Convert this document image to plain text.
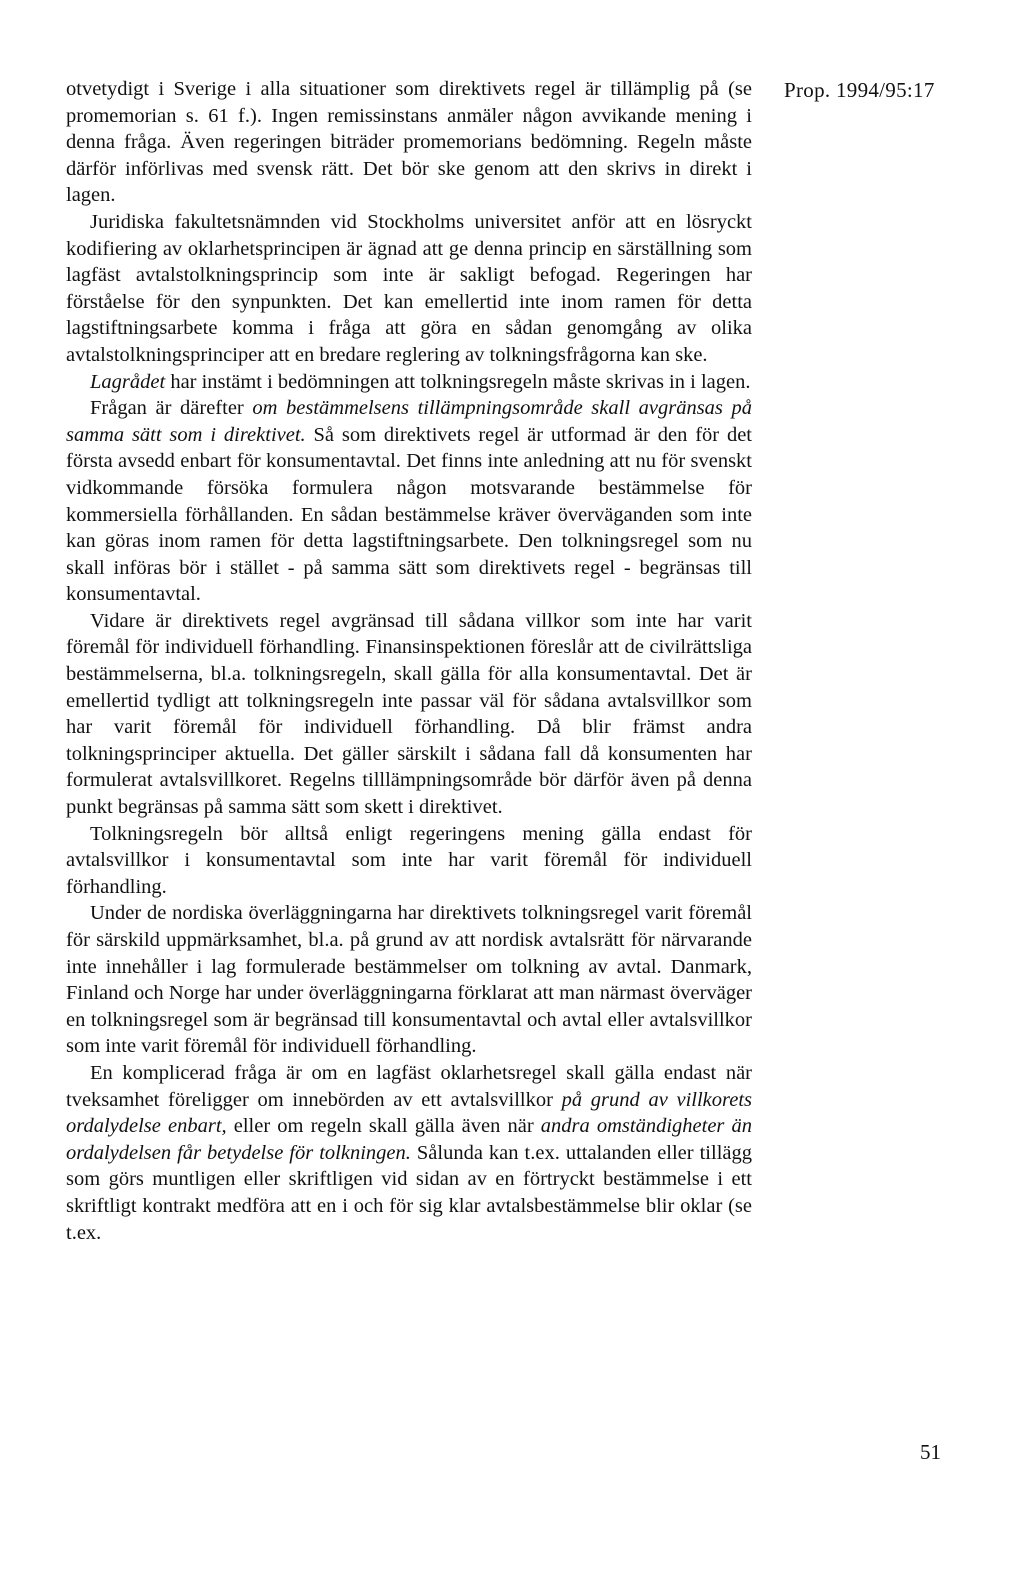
Prop. 1994/95:17

otvetydigt i Sverige i alla situationer som direktivets regel är tillämplig på (se promemorian s. 61 f.). Ingen remissinstans anmäler någon avvikande mening i denna fråga. Även regeringen biträder promemorians bedömning. Regeln måste därför införlivas med svensk rätt. Det bör ske genom att den skrivs in direkt i lagen.

Juridiska fakultetsnämnden vid Stockholms universitet anför att en lösryckt kodifiering av oklarhetsprincipen är ägnad att ge denna princip en särställning som lagfäst avtalstolkningsprincip som inte är sakligt befogad. Regeringen har förståelse för den synpunkten. Det kan emellertid inte inom ramen för detta lagstiftningsarbete komma i fråga att göra en sådan genomgång av olika avtalstolkningsprinciper att en bredare reglering av tolkningsfrågorna kan ske.

Lagrådet har instämt i bedömningen att tolkningsregeln måste skrivas in i lagen.

Frågan är därefter om bestämmelsens tillämpningsområde skall avgränsas på samma sätt som i direktivet. Så som direktivets regel är utformad är den för det första avsedd enbart för konsumentavtal. Det finns inte anledning att nu för svenskt vidkommande försöka formulera någon motsvarande bestämmelse för kommersiella förhållanden. En sådan bestämmelse kräver överväganden som inte kan göras inom ramen för detta lagstiftningsarbete. Den tolkningsregel som nu skall införas bör i stället - på samma sätt som direktivets regel - begränsas till konsumentavtal.

Vidare är direktivets regel avgränsad till sådana villkor som inte har varit föremål för individuell förhandling. Finansinspektionen föreslår att de civilrättsliga bestämmelserna, bl.a. tolkningsregeln, skall gälla för alla konsumentavtal. Det är emellertid tydligt att tolkningsregeln inte passar väl för sådana avtalsvillkor som har varit föremål för individuell förhandling. Då blir främst andra tolkningsprinciper aktuella. Det gäller särskilt i sådana fall då konsumenten har formulerat avtalsvillkoret. Regelns tilllämpningsområde bör därför även på denna punkt begränsas på samma sätt som skett i direktivet.

Tolkningsregeln bör alltså enligt regeringens mening gälla endast för avtalsvillkor i konsumentavtal som inte har varit föremål för individuell förhandling.

Under de nordiska överläggningarna har direktivets tolkningsregel varit föremål för särskild uppmärksamhet, bl.a. på grund av att nordisk avtalsrätt för närvarande inte innehåller i lag formulerade bestämmelser om tolkning av avtal. Danmark, Finland och Norge har under överläggningarna förklarat att man närmast överväger en tolkningsregel som är begränsad till konsumentavtal och avtal eller avtalsvillkor som inte varit föremål för individuell förhandling.

En komplicerad fråga är om en lagfäst oklarhetsregel skall gälla endast när tveksamhet föreligger om innebörden av ett avtalsvillkor på grund av villkorets ordalydelse enbart, eller om regeln skall gälla även när andra omständigheter än ordalydelsen får betydelse för tolkningen. Sålunda kan t.ex. uttalanden eller tillägg som görs muntligen eller skriftligen vid sidan av en förtryckt bestämmelse i ett skriftligt kontrakt medföra att en i och för sig klar avtalsbestämmelse blir oklar (se t.ex.

51
